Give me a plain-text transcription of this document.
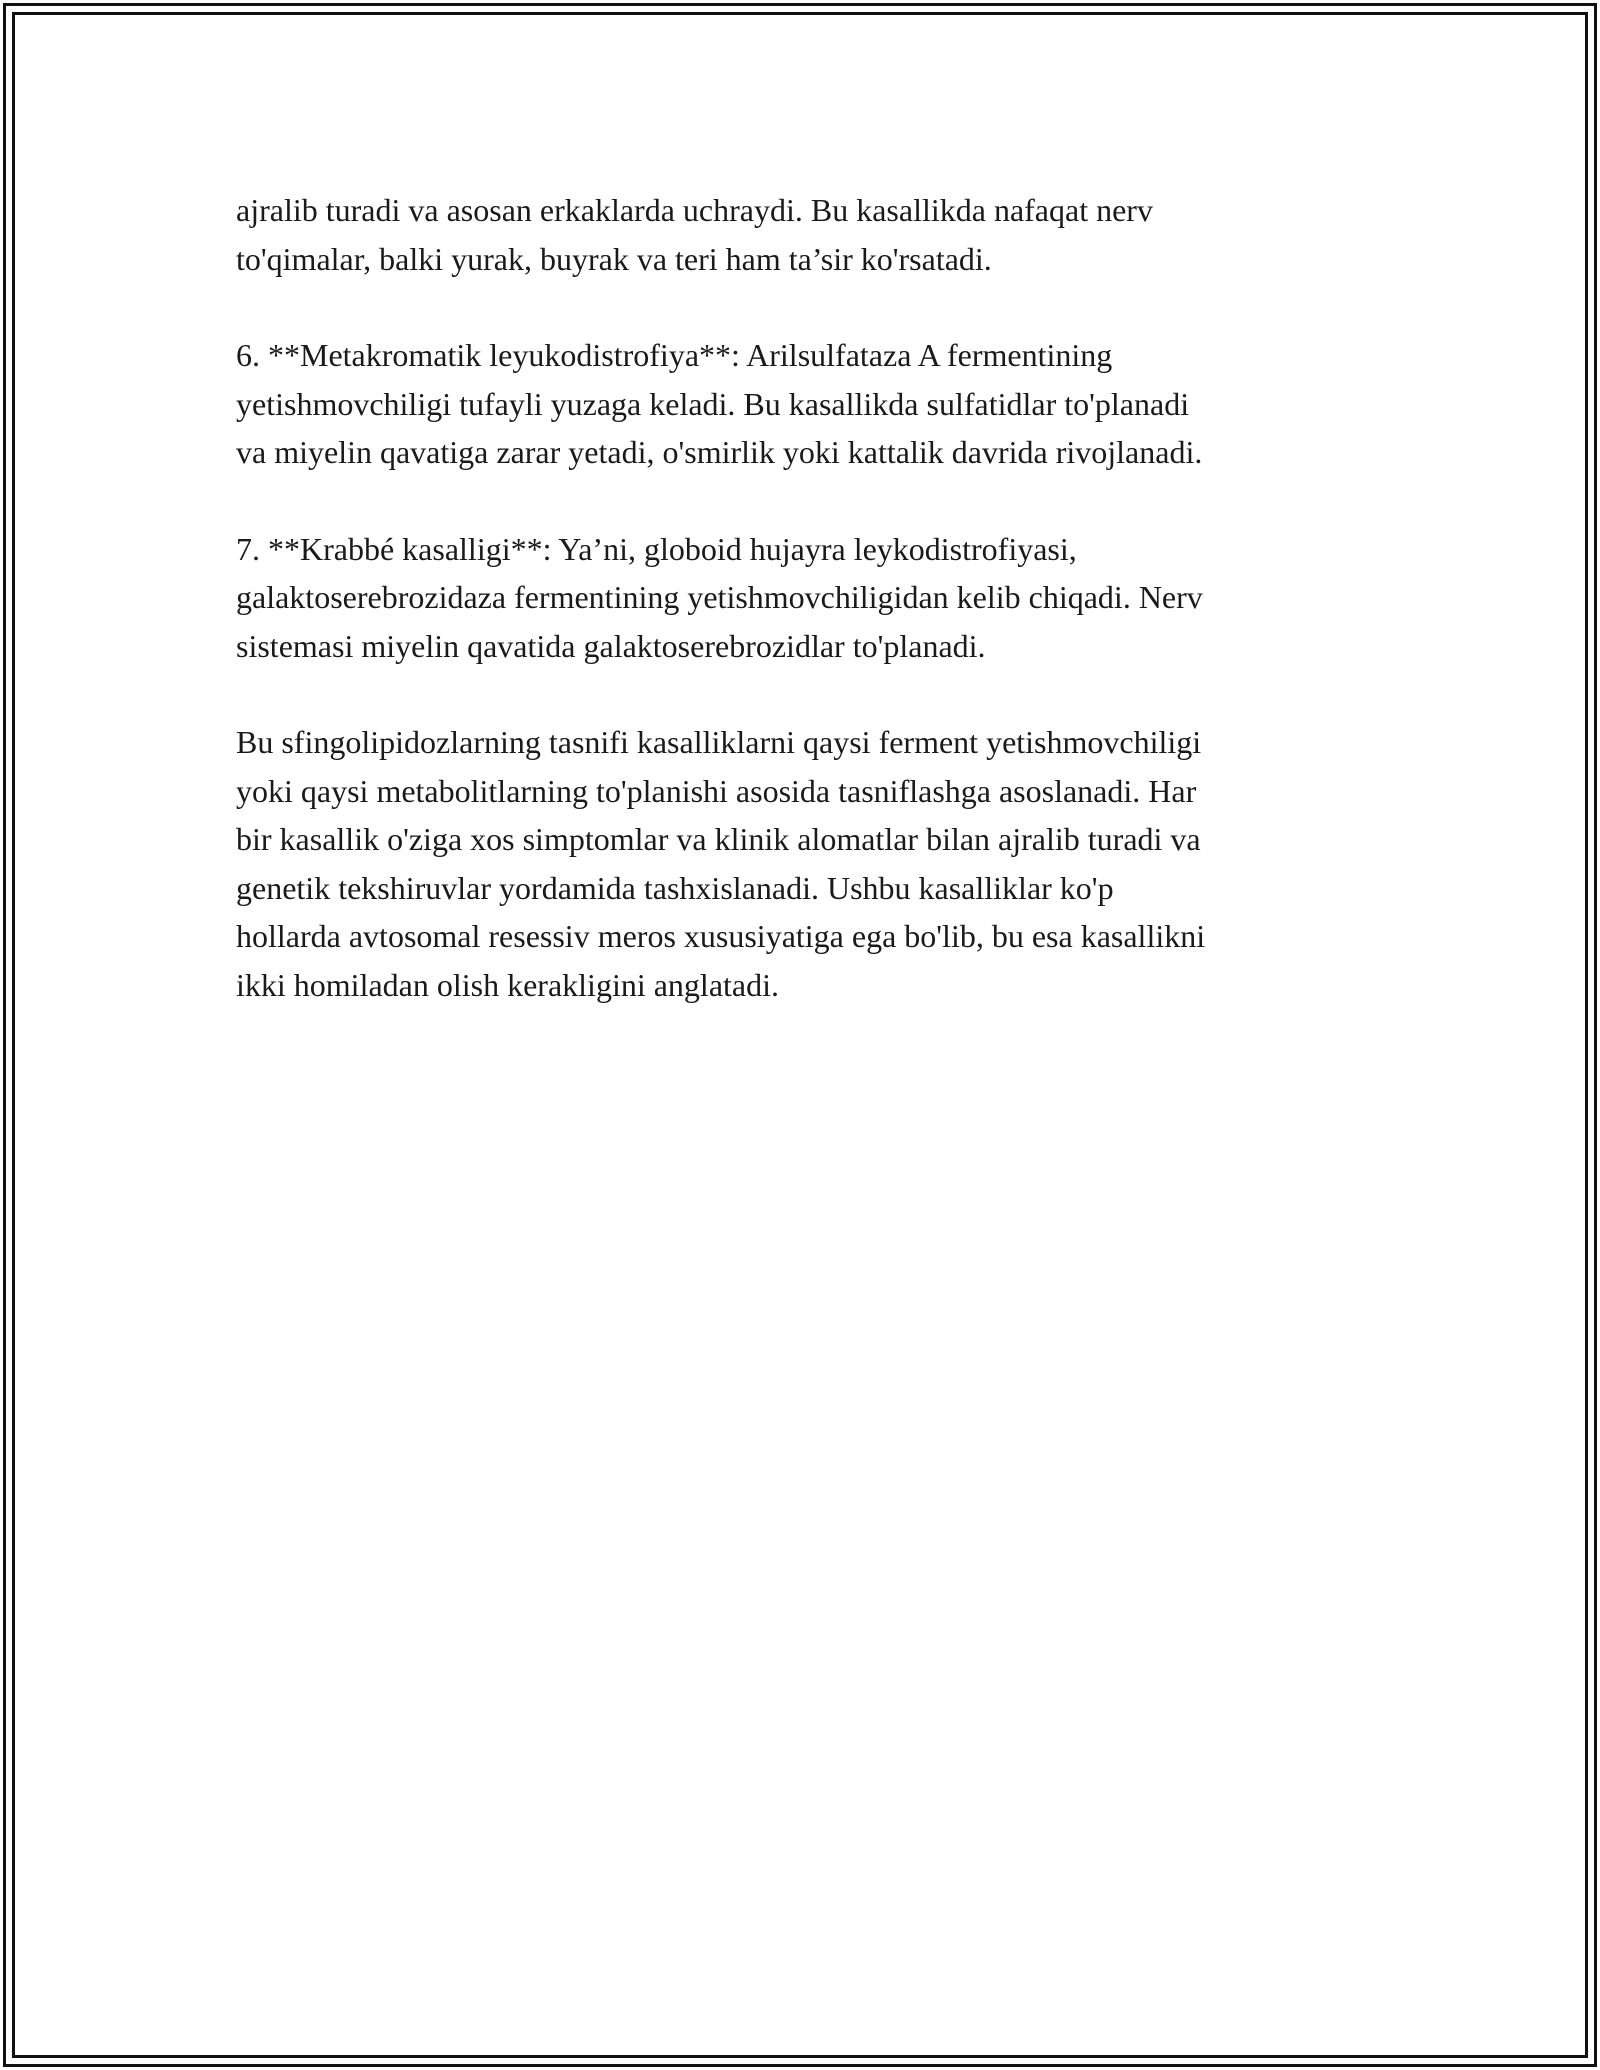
ajralib turadi va asosan erkaklarda uchraydi. Bu kasallikda nafaqat nerv
to'qimalar, balki yurak, buyrak va teri ham ta’sir ko'rsatadi.

6. **Metakromatik leyukodistrofiya**: Arilsulfataza A fermentining
yetishmovchiligi tufayli yuzaga keladi. Bu kasallikda sulfatidlar to'planadi
va miyelin qavatiga zarar yetadi, o'smirlik yoki kattalik davrida rivojlanadi.

7. **Krabbé kasalligi**: Ya’ni, globoid hujayra leykodistrofiyasi,
galaktoserebrozidaza fermentining yetishmovchiligidan kelib chiqadi. Nerv
sistemasi miyelin qavatida galaktoserebrozidlar to'planadi.

Bu sfingolipidozlarning tasnifi kasalliklarni qaysi ferment yetishmovchiligi
yoki qaysi metabolitlarning to'planishi asosida tasniflashga asoslanadi. Har
bir kasallik o'ziga xos simptomlar va klinik alomatlar bilan ajralib turadi va
genetik tekshiruvlar yordamida tashxislanadi. Ushbu kasalliklar ko'p
hollarda avtosomal resessiv meros xususiyatiga ega bo'lib, bu esa kasallikni
ikki homiladan olish kerakligini anglatadi.
